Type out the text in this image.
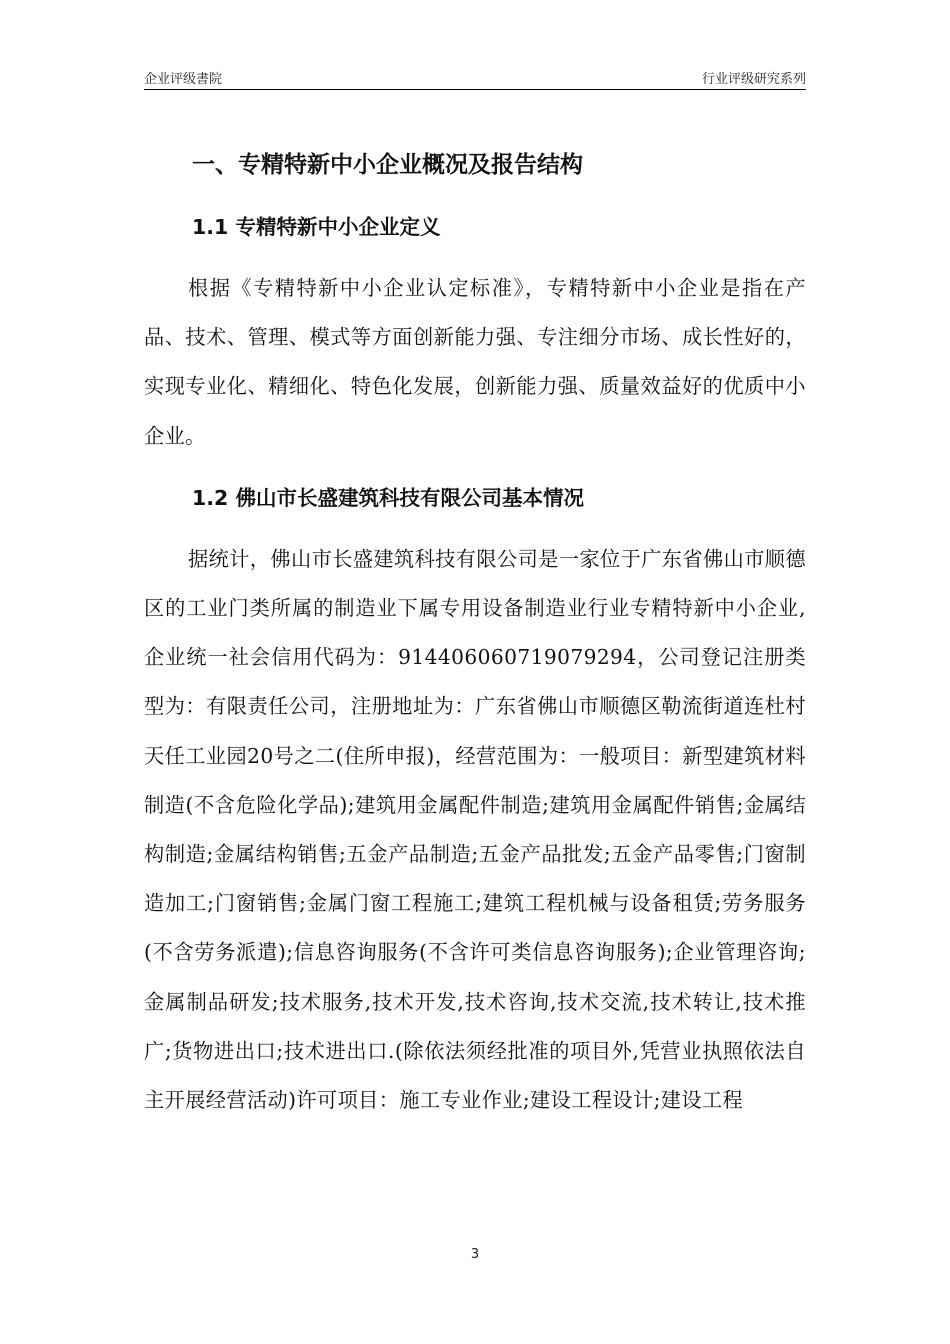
企业评级書院	行业评级研究系列
一、专精特新中小企业概况及报告结构
1.1 专精特新中小企业定义

根据《专精特新中小企业认定标准》，专精特新中小企业是指在产品、技术、管理、模式等方面创新能力强、专注细分市场、成长性好的，实现专业化、精细化、特色化发展，创新能力强、质量效益好的优质中小企业。

1.2 佛山市长盛建筑科技有限公司基本情况

据统计，佛山市长盛建筑科技有限公司是一家位于广东省佛山市顺德区的工业门类所属的制造业下属专用设备制造业行业专精特新中小企业,企业统一社会信用代码为：91440606071907929​4，公司登记注册类型为：有限责任公司，注册地址为：广东省佛山市顺德区勒流街道连杜村天任工业园20号之二(住所申报)，经营范围为：一般项目：新型建筑材料制造(不含危险化学品);建筑用金属配件制造;建筑用金属配件销售;金属结构制造;金属结构销售;五金产品制造;五金产品批发;五金产品零售;门窗制造加工;门窗销售;金属门窗工程施工;建筑工程机械与设备租赁;劳务服务(不含劳务派遣);信息咨询服务(不含许可类信息咨询服务);企业管理咨询;金属制品研发;技术服务,技术开发,技术咨询,技术交流,技术转让,技术推广;货物进出口;技术进出口.(除依法须经批准的项目外,凭营业执照依法自主开展经营活动)许可项目：施工专业作业;建设工程设计;建设工程

3
